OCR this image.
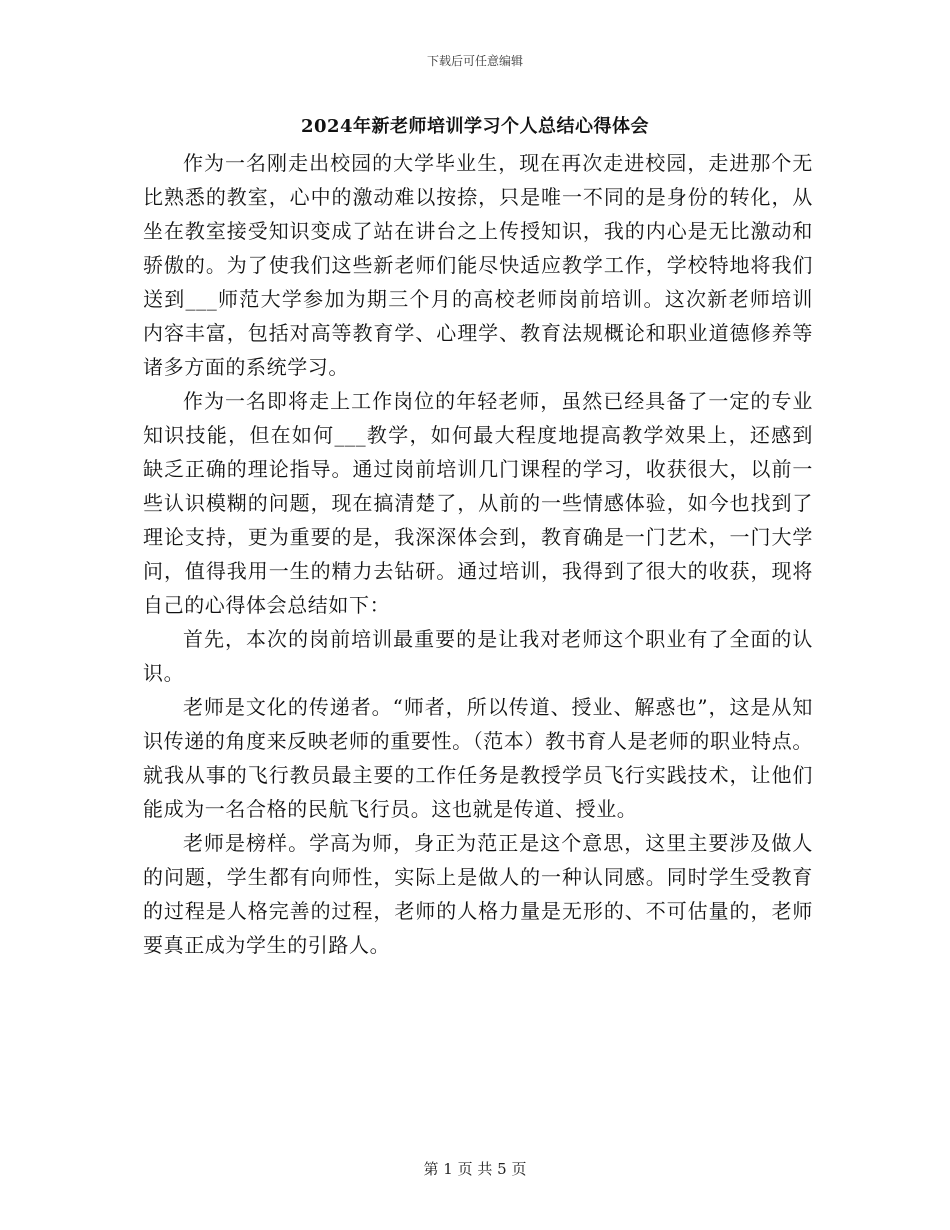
下载后可任意编辑
2024年新老师培训学习个人总结心得体会

作为一名刚走出校园的大学毕业生，现在再次走进校园，走进那个无比熟悉的教室，心中的激动难以按捺，只是唯一不同的是身份的转化，从坐在教室接受知识变成了站在讲台之上传授知识，我的内心是无比激动和骄傲的。为了使我们这些新老师们能尽快适应教学工作，学校特地将我们送到___师范大学参加为期三个月的高校老师岗前培训。这次新老师培训内容丰富，包括对高等教育学、心理学、教育法规概论和职业道德修养等诸多方面的系统学习。

作为一名即将走上工作岗位的年轻老师，虽然已经具备了一定的专业知识技能，但在如何___教学，如何最大程度地提高教学效果上，还感到缺乏正确的理论指导。通过岗前培训几门课程的学习，收获很大，以前一些认识模糊的问题，现在搞清楚了，从前的一些情感体验，如今也找到了理论支持，更为重要的是，我深深体会到，教育确是一门艺术，一门大学问，值得我用一生的精力去钻研。通过培训，我得到了很大的收获，现将自己的心得体会总结如下：

首先，本次的岗前培训最重要的是让我对老师这个职业有了全面的认识。

老师是文化的传递者。“师者，所以传道、授业、解惑也”，这是从知识传递的角度来反映老师的重要性。（范本）教书育人是老师的职业特点。就我从事的飞行教员最主要的工作任务是教授学员飞行实践技术，让他们能成为一名合格的民航飞行员。这也就是传道、授业。

老师是榜样。学高为师，身正为范正是这个意思，这里主要涉及做人的问题，学生都有向师性，实际上是做人的一种认同感。同时学生受教育的过程是人格完善的过程，老师的人格力量是无形的、不可估量的，老师要真正成为学生的引路人。

第 1 页 共 5 页
